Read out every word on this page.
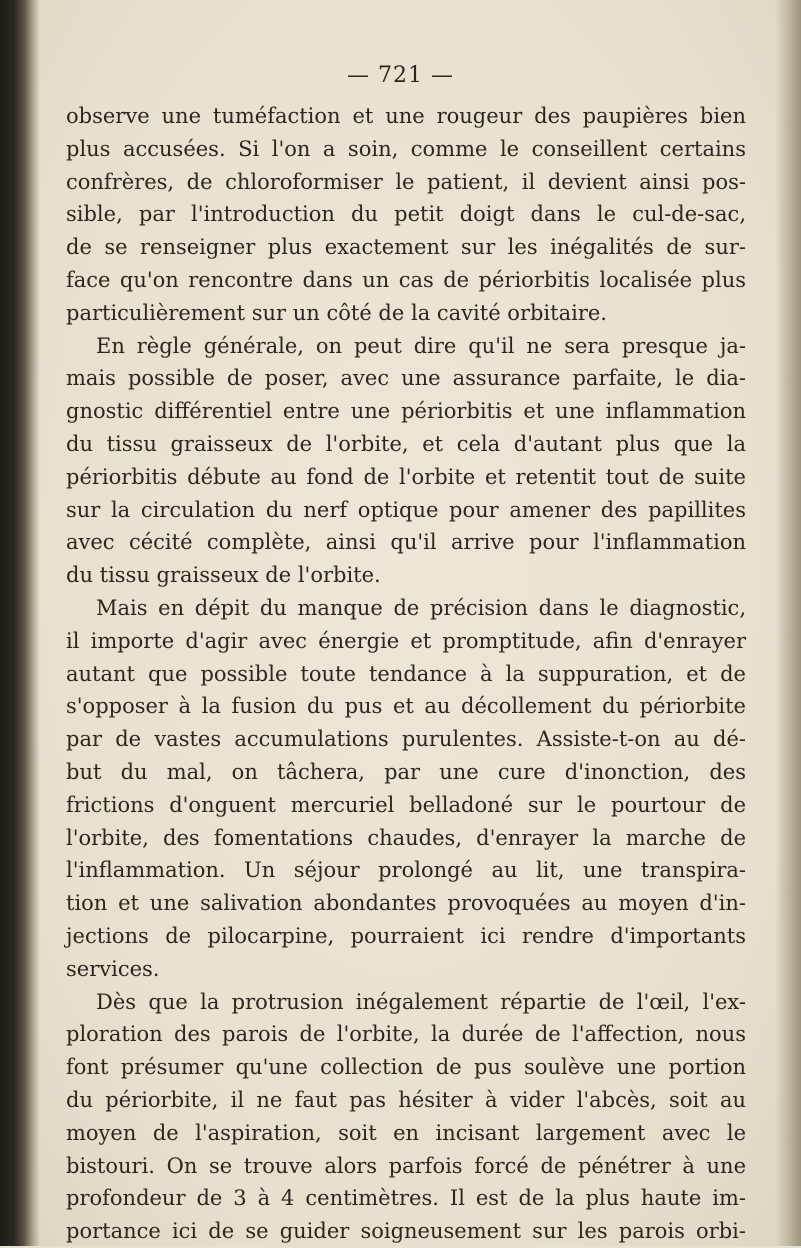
— 721 —
observe une tuméfaction et une rougeur des paupières bien
plus accusées. Si l'on a soin, comme le conseillent certains
confrères, de chloroformiser le patient, il devient ainsi pos-
sible, par l'introduction du petit doigt dans le cul-de-sac,
de se renseigner plus exactement sur les inégalités de sur-
face qu'on rencontre dans un cas de périorbitis localisée plus
particulièrement sur un côté de la cavité orbitaire.
En règle générale, on peut dire qu'il ne sera presque ja-
mais possible de poser, avec une assurance parfaite, le dia-
gnostic différentiel entre une périorbitis et une inflammation
du tissu graisseux de l'orbite, et cela d'autant plus que la
périorbitis débute au fond de l'orbite et retentit tout de suite
sur la circulation du nerf optique pour amener des papillites
avec cécité complète, ainsi qu'il arrive pour l'inflammation
du tissu graisseux de l'orbite.
Mais en dépit du manque de précision dans le diagnostic,
il importe d'agir avec énergie et promptitude, afin d'enrayer
autant que possible toute tendance à la suppuration, et de
s'opposer à la fusion du pus et au décollement du périorbite
par de vastes accumulations purulentes. Assiste-t-on au dé-
but du mal, on tâchera, par une cure d'inonction, des
frictions d'onguent mercuriel belladoné sur le pourtour de
l'orbite, des fomentations chaudes, d'enrayer la marche de
l'inflammation. Un séjour prolongé au lit, une transpira-
tion et une salivation abondantes provoquées au moyen d'in-
jections de pilocarpine, pourraient ici rendre d'importants
services.
Dès que la protrusion inégalement répartie de l'œil, l'ex-
ploration des parois de l'orbite, la durée de l'affection, nous
font présumer qu'une collection de pus soulève une portion
du périorbite, il ne faut pas hésiter à vider l'abcès, soit au
moyen de l'aspiration, soit en incisant largement avec le
bistouri. On se trouve alors parfois forcé de pénétrer à une
profondeur de 3 à 4 centimètres. Il est de la plus haute im-
portance ici de se guider soigneusement sur les parois orbi-
